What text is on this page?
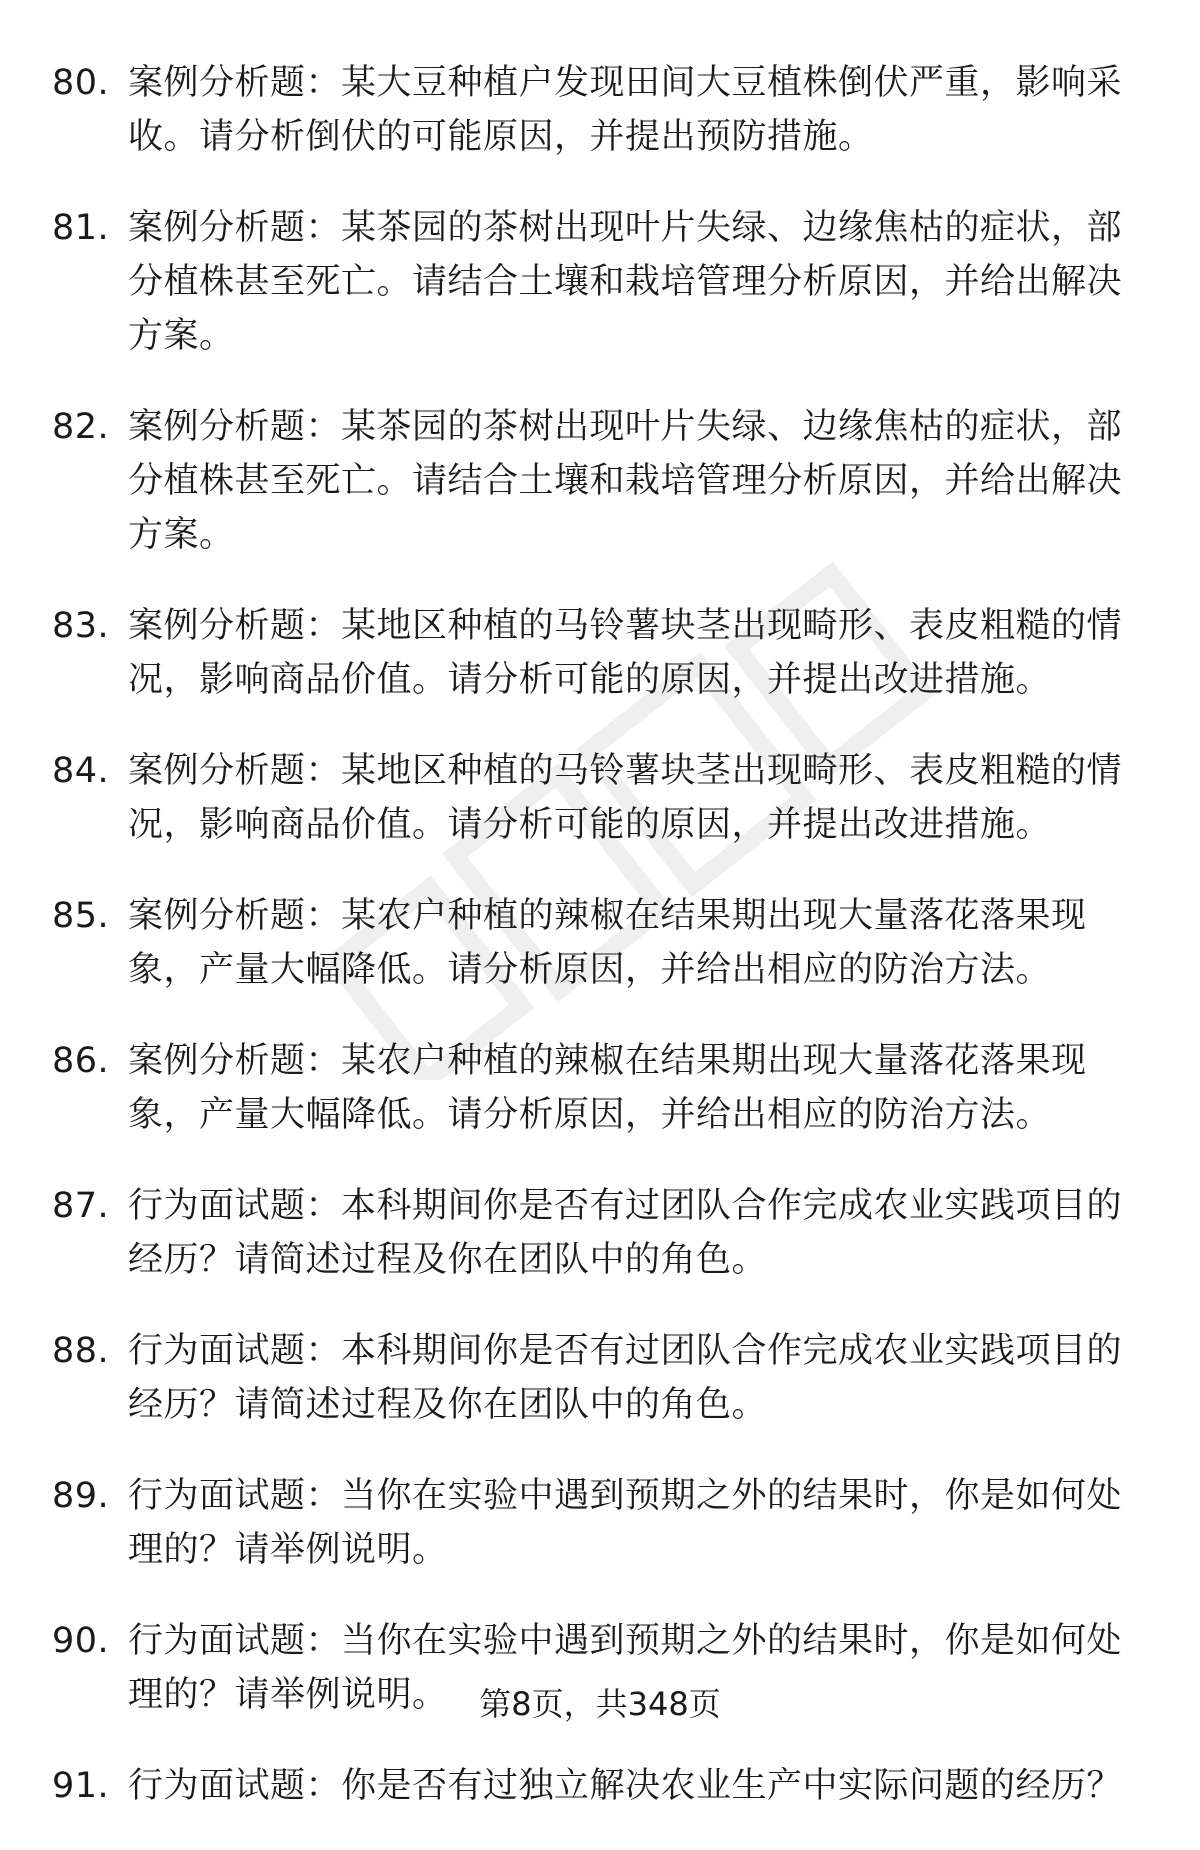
80. 案例分析题：某大豆种植户发现田间大豆植株倒伏严重，影响采收。请分析倒伏的可能原因，并提出预防措施。
81. 案例分析题：某茶园的茶树出现叶片失绿、边缘焦枯的症状，部分植株甚至死亡。请结合土壤和栽培管理分析原因，并给出解决方案。
82. 案例分析题：某茶园的茶树出现叶片失绿、边缘焦枯的症状，部分植株甚至死亡。请结合土壤和栽培管理分析原因，并给出解决方案。
83. 案例分析题：某地区种植的马铃薯块茎出现畸形、表皮粗糙的情况，影响商品价值。请分析可能的原因，并提出改进措施。
84. 案例分析题：某地区种植的马铃薯块茎出现畸形、表皮粗糙的情况，影响商品价值。请分析可能的原因，并提出改进措施。
85. 案例分析题：某农户种植的辣椒在结果期出现大量落花落果现象，产量大幅降低。请分析原因，并给出相应的防治方法。
86. 案例分析题：某农户种植的辣椒在结果期出现大量落花落果现象，产量大幅降低。请分析原因，并给出相应的防治方法。
87. 行为面试题：本科期间你是否有过团队合作完成农业实践项目的经历？请简述过程及你在团队中的角色。
88. 行为面试题：本科期间你是否有过团队合作完成农业实践项目的经历？请简述过程及你在团队中的角色。
89. 行为面试题：当你在实验中遇到预期之外的结果时，你是如何处理的？请举例说明。
90. 行为面试题：当你在实验中遇到预期之外的结果时，你是如何处理的？请举例说明。
91. 行为面试题：你是否有过独立解决农业生产中实际问题的经历？
第8页，共348页
